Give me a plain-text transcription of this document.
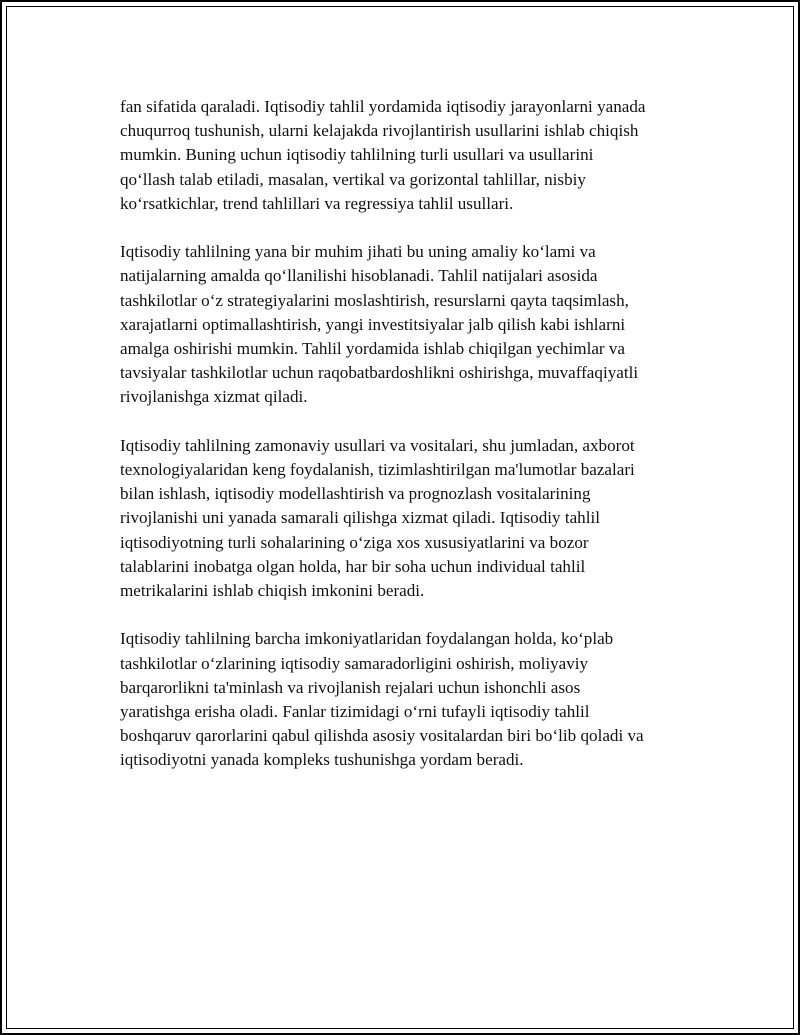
fan sifatida qaraladi. Iqtisodiy tahlil yordamida iqtisodiy jarayonlarni yanada
chuqurroq tushunish, ularni kelajakda rivojlantirish usullarini ishlab chiqish
mumkin. Buning uchun iqtisodiy tahlilning turli usullari va usullarini
qo‘llash talab etiladi, masalan, vertikal va gorizontal tahlillar, nisbiy
ko‘rsatkichlar, trend tahlillari va regressiya tahlil usullari.

Iqtisodiy tahlilning yana bir muhim jihati bu uning amaliy ko‘lami va
natijalarning amalda qo‘llanilishi hisoblanadi. Tahlil natijalari asosida
tashkilotlar o‘z strategiyalarini moslashtirish, resurslarni qayta taqsimlash,
xarajatlarni optimallashtirish, yangi investitsiyalar jalb qilish kabi ishlarni
amalga oshirishi mumkin. Tahlil yordamida ishlab chiqilgan yechimlar va
tavsiyalar tashkilotlar uchun raqobatbardoshlikni oshirishga, muvaffaqiyatli
rivojlanishga xizmat qiladi.

Iqtisodiy tahlilning zamonaviy usullari va vositalari, shu jumladan, axborot
texnologiyalaridan keng foydalanish, tizimlashtirilgan ma'lumotlar bazalari
bilan ishlash, iqtisodiy modellashtirish va prognozlash vositalarining
rivojlanishi uni yanada samarali qilishga xizmat qiladi. Iqtisodiy tahlil
iqtisodiyotning turli sohalarining o‘ziga xos xususiyatlarini va bozor
talablarini inobatga olgan holda, har bir soha uchun individual tahlil
metrikalarini ishlab chiqish imkonini beradi.

Iqtisodiy tahlilning barcha imkoniyatlaridan foydalangan holda, ko‘plab
tashkilotlar o‘zlarining iqtisodiy samaradorligini oshirish, moliyaviy
barqarorlikni ta'minlash va rivojlanish rejalari uchun ishonchli asos
yaratishga erisha oladi. Fanlar tizimidagi o‘rni tufayli iqtisodiy tahlil
boshqaruv qarorlarini qabul qilishda asosiy vositalardan biri bo‘lib qoladi va
iqtisodiyotni yanada kompleks tushunishga yordam beradi.
